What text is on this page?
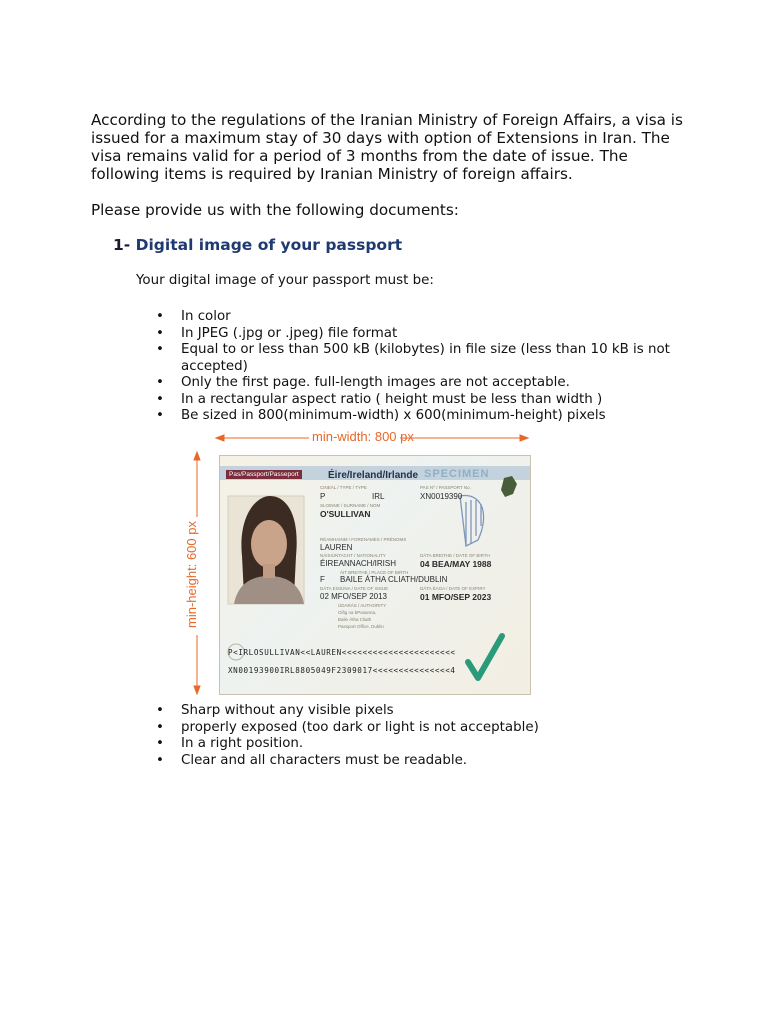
According to the regulations of the Iranian Ministry of Foreign Affairs, a visa is issued for a maximum stay of 30 days with option of Extensions in Iran. The visa remains valid for a period of 3 months from the date of issue. The following items is required by Iranian Ministry of foreign affairs.

Please provide us with the following documents:

1- Digital image of your passport

Your digital image of your passport must be:

• In color
• In JPEG (.jpg or .jpeg) file format
• Equal to or less than 500 kB (kilobytes) in file size (less than 10 kB is not accepted)
• Only the first page. full-length images are not acceptable.
• In a rectangular aspect ratio ( height must be less than width )
• Be sized in 800(minimum-width) x 600(minimum-height) pixels
min-width: 800 px
min-height: 600 px
Pas/Passport/Passeport	Éire/Ireland/Irlande SPECIMEN
CINEÁL / TYPE / TYPE	PAS Nº / PASSPORT No.
P	IRL	XN0019390
SLOINNE / SURNAME / NOM
O'SULLIVAN
RÉAMHAINM / FORENAMES / PRÉNOMS
LAUREN
NÁISIÚNTACHT / NATIONALITY	DÁTA BREITHE / DATE OF BIRTH
ÉIREANNACH/IRISH	04 BEA/MAY 1988
ÁIT BREITHE / PLACE OF BIRTH
F BAILE ÁTHA CLIATH/DUBLIN
DÁTA EISIÚNA / DATE OF ISSUE	DÁTA ÉAGA / DATE OF EXPIRY
02 MFO/SEP 2013	01 MFO/SEP 2023
ÚDARÁS / AUTHORITY
Oifig na bPasanna,
Baile Átha Cliath
Passport Office, Dublin
P<IRLOSULLIVAN<<LAUREN<<<<<<<<<<<<<<<<<<<<<<
XN00193900IRL8805049F2309017<<<<<<<<<<<<<<<4
• Sharp without any visible pixels
• properly exposed (too dark or light is not acceptable)
• In a right position.
• Clear and all characters must be readable.
